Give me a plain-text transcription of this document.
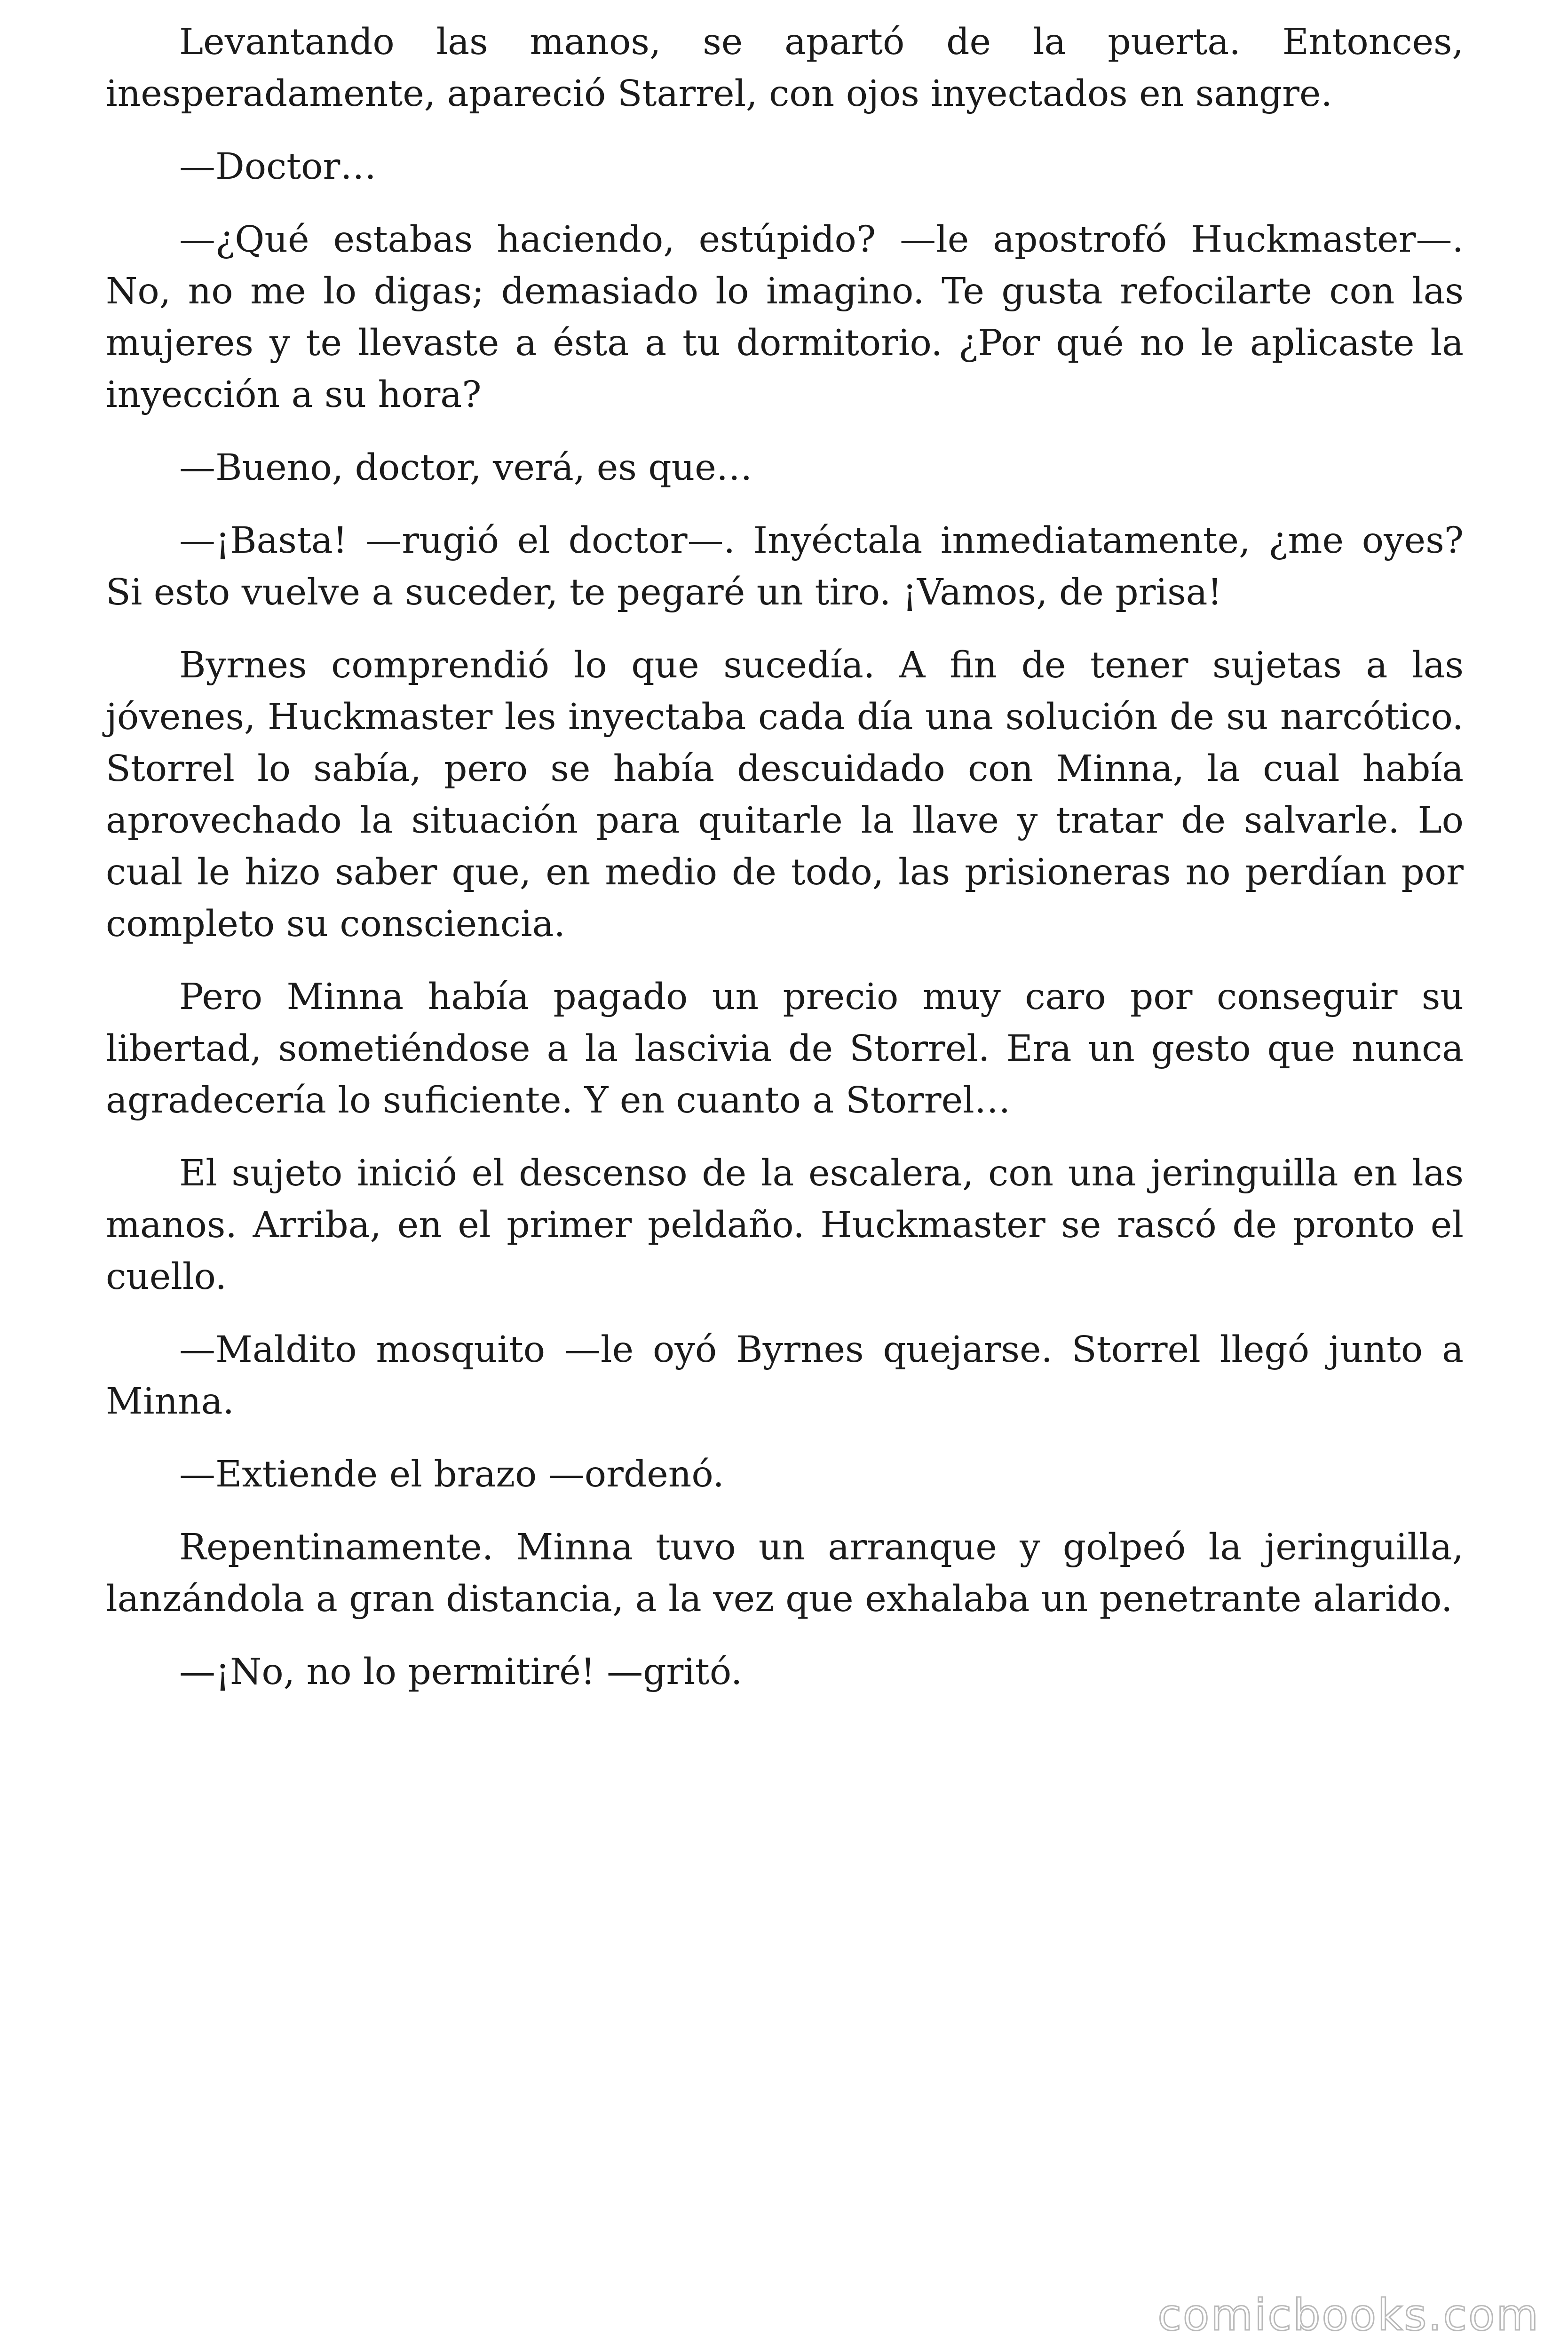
Levantando las manos, se apartó de la puerta. Entonces, inesperadamente, apareció Starrel, con ojos inyectados en sangre.

—Doctor…

—¿Qué estabas haciendo, estúpido? —le apostrofó Huckmaster—. No, no me lo digas; demasiado lo imagino. Te gusta refocilarte con las mujeres y te llevaste a ésta a tu dormitorio. ¿Por qué no le aplicaste la inyección a su hora?

—Bueno, doctor, verá, es que…

—¡Basta! —rugió el doctor—. Inyéctala inmediatamente, ¿me oyes? Si esto vuelve a suceder, te pegaré un tiro. ¡Vamos, de prisa!

Byrnes comprendió lo que sucedía. A fin de tener sujetas a las jóvenes, Huckmaster les inyectaba cada día una solución de su narcótico. Storrel lo sabía, pero se había descuidado con Minna, la cual había aprovechado la situación para quitarle la llave y tratar de salvarle. Lo cual le hizo saber que, en medio de todo, las prisioneras no perdían por completo su consciencia.

Pero Minna había pagado un precio muy caro por conseguir su libertad, sometiéndose a la lascivia de Storrel. Era un gesto que nunca agradecería lo suficiente. Y en cuanto a Storrel…

El sujeto inició el descenso de la escalera, con una jeringuilla en las manos. Arriba, en el primer peldaño. Huckmaster se rascó de pronto el cuello.

—Maldito mosquito —le oyó Byrnes quejarse. Storrel llegó junto a Minna.

—Extiende el brazo —ordenó.

Repentinamente. Minna tuvo un arranque y golpeó la jeringuilla, lanzándola a gran distancia, a la vez que exhalaba un penetrante alarido.

—¡No, no lo permitiré! —gritó.

comicbooks.com
